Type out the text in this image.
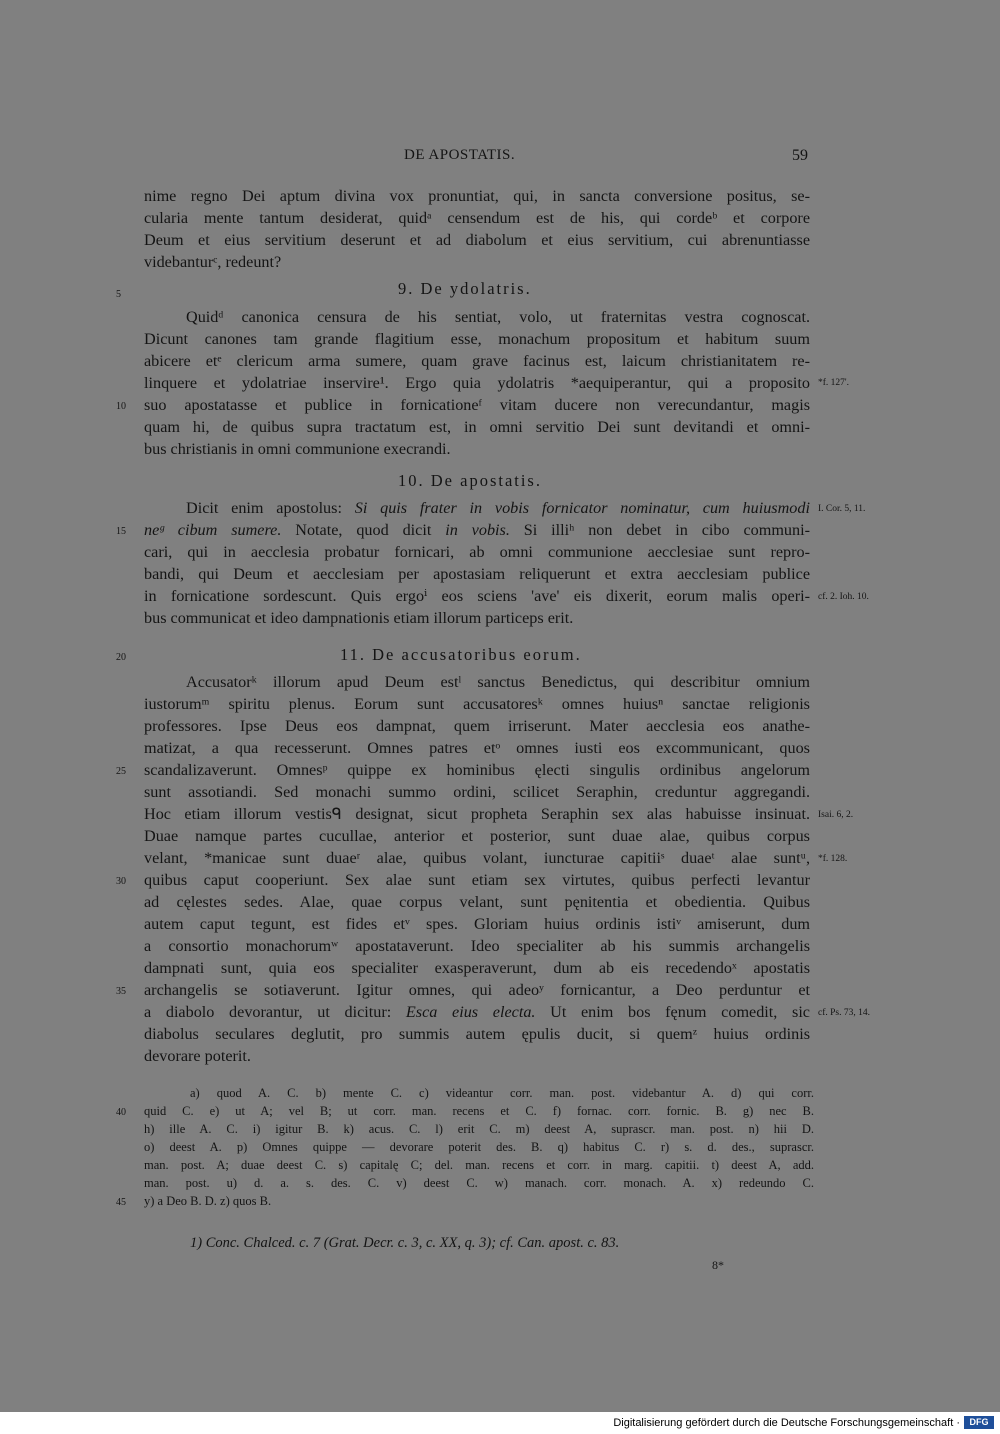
DE APOSTATIS.	59
nime regno Dei aptum divina vox pronuntiat, qui, in sancta conversione positus, se-
cularia mente tantum desiderat, quidᵃ censendum est de his, qui cordeᵇ et corpore
Deum et eius servitium deserunt et ad diabolum et eius servitium, cui abrenuntiasse
videbanturᶜ, redeunt?
9. De ydolatris.
Quidᵈ canonica censura de his sentiat, volo, ut fraternitas vestra cognoscat.
Dicunt canones tam grande flagitium esse, monachum propositum et habitum suum
abicere etᵉ clericum arma sumere, quam grave facinus est, laicum christianitatem re-
linquere et ydolatriae inservire¹. Ergo quia ydolatris *aequiperantur, qui a proposito
suo apostatasse et publice in fornicationeᶠ vitam ducere non verecundantur, magis
quam hi, de quibus supra tractatum est, in omni servitio Dei sunt devitandi et omni-
bus christianis in omni communione execrandi.
10. De apostatis.
Dicit enim apostolus: Si quis frater in vobis fornicator nominatur, cum huiusmodi
neᵍ cibum sumere. Notate, quod dicit in vobis. Si illiʰ non debet in cibo communi-
cari, qui in aecclesia probatur fornicari, ab omni communione aecclesiae sunt repro-
bandi, qui Deum et aecclesiam per apostasiam reliquerunt et extra aecclesiam publice
in fornicatione sordescunt. Quis ergoⁱ eos sciens 'ave' eis dixerit, eorum malis operi-
bus communicat et ideo dampnationis etiam illorum particeps erit.
11. De accusatoribus eorum.
Accusatorᵏ illorum apud Deum estˡ sanctus Benedictus, qui describitur omnium
iustorumᵐ spiritu plenus. Eorum sunt accusatoresᵏ omnes huiusⁿ sanctae religionis
professores. Ipse Deus eos dampnat, quem irriserunt. Mater aecclesia eos anathe-
matizat, a qua recesserunt. Omnes patres etᵒ omnes iusti eos excommunicant, quos
scandalizaverunt. Omnesᵖ quippe ex hominibus ęlecti singulis ordinibus angelorum
sunt assotiandi. Sed monachi summo ordini, scilicet Seraphin, creduntur aggregandi.
Hoc etiam illorum vestisᑫ designat, sicut propheta Seraphin sex alas habuisse insinuat.
Duae namque partes cucullae, anterior et posterior, sunt duae alae, quibus corpus
velant, *manicae sunt duaeʳ alae, quibus volant, iuncturae capitiiˢ duaeᵗ alae suntᵘ,
quibus caput cooperiunt. Sex alae sunt etiam sex virtutes, quibus perfecti levantur
ad cęlestes sedes. Alae, quae corpus velant, sunt pęnitentia et obedientia. Quibus
autem caput tegunt, est fides etᵛ spes. Gloriam huius ordinis istiᵛ amiserunt, dum
a consortio monachorumʷ apostataverunt. Ideo specialiter ab his summis archangelis
dampnati sunt, quia eos specialiter exasperaverunt, dum ab eis recedendoˣ apostatis
archangelis se sotiaverunt. Igitur omnes, qui adeoʸ fornicantur, a Deo perduntur et
a diabolo devorantur, ut dicitur: Esca eius electa. Ut enim bos fęnum comedit, sic
diabolus seculares deglutit, pro summis autem ępulis ducit, si quemᶻ huius ordinis
devorare poterit.
5
10
15
20
25
30
35
40
45
*f. 127'.
I. Cor. 5, 11.
cf. 2. Ioh. 10.
Isai. 6, 2.
*f. 128.
cf. Ps. 73, 14.
a) quod A. C. b) mente C. c) videantur corr. man. post. videbantur A. d) qui corr.
quid C. e) ut A; vel B; ut corr. man. recens et C. f) fornac. corr. fornic. B. g) nec B.
h) ille A. C. i) igitur B. k) acus. C. l) erit C. m) deest A, suprascr. man. post. n) hii D.
o) deest A. p) Omnes quippe — devorare poterit des. B. q) habitus C. r) s. d. des., suprascr.
man. post. A; duae deest C. s) capitalę C; del. man. recens et corr. in marg. capitii. t) deest A, add.
man. post. u) d. a. s. des. C. v) deest C. w) manach. corr. monach. A. x) redeundo C.
y) a Deo B. D. z) quos B.
1) Conc. Chalced. c. 7 (Grat. Decr. c. 3, c. XX, q. 3); cf. Can. apost. c. 83.
8*
Digitalisierung gefördert durch die Deutsche Forschungsgemeinschaft ·	DFG
